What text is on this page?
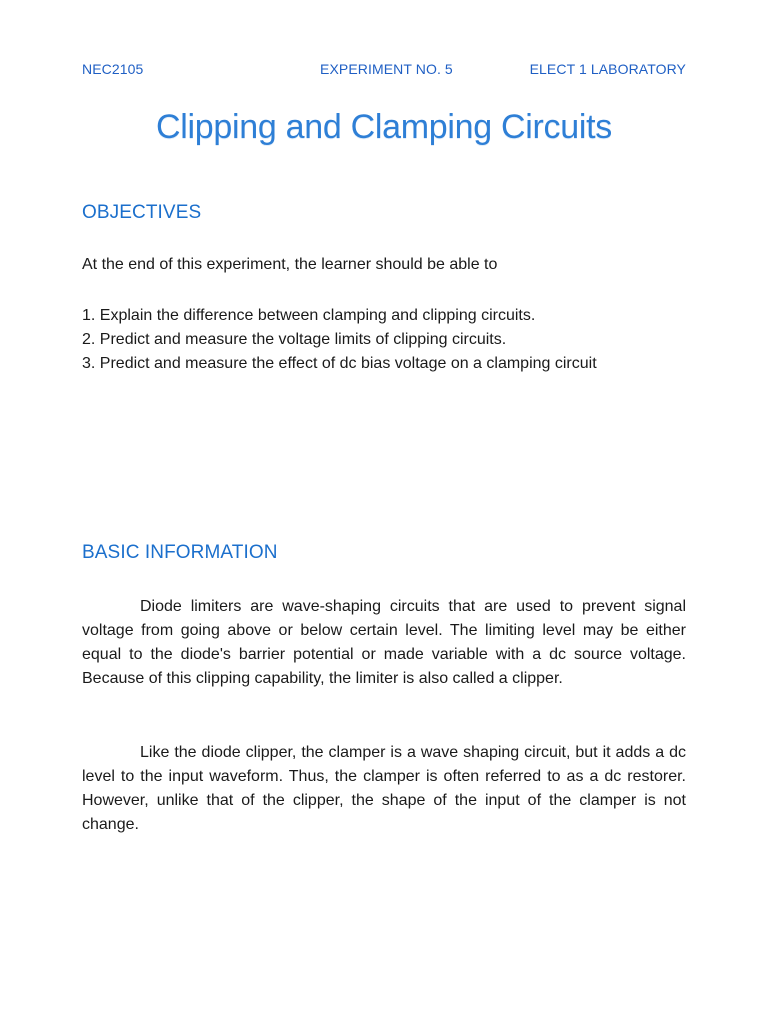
NEC2105	EXPERIMENT NO. 5	ELECT 1 LABORATORY
Clipping and Clamping Circuits
OBJECTIVES

At the end of this experiment, the learner should be able to

1. Explain the difference between clamping and clipping circuits.
2. Predict and measure the voltage limits of clipping circuits.
3. Predict and measure the effect of dc bias voltage on a clamping circuit
BASIC INFORMATION

Diode limiters are wave-shaping circuits that are used to prevent signal voltage from going above or below certain level. The limiting level may be either equal to the diode's barrier potential or made variable with a dc source voltage. Because of this clipping capability, the limiter is also called a clipper.

Like the diode clipper, the clamper is a wave shaping circuit, but it adds a dc level to the input waveform. Thus, the clamper is often referred to as a dc restorer. However, unlike that of the clipper, the shape of the input of the clamper is not change.
